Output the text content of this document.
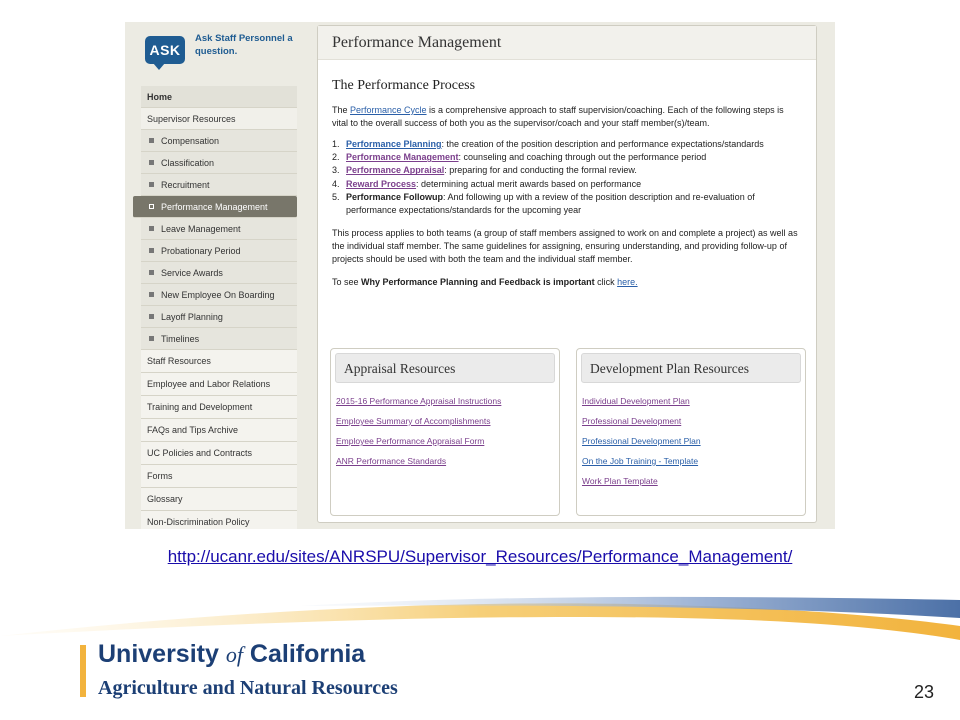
ASK
Ask Staff Personnel a question.
Home
Supervisor Resources
Compensation
Classification
Recruitment
Performance Management
Leave Management
Probationary Period
Service Awards
New Employee On Boarding
Layoff Planning
Timelines
Staff Resources
Employee and Labor Relations
Training and Development
FAQs and Tips Archive
UC Policies and Contracts
Forms
Glossary
Non-Discrimination Policy
Performance Management
The Performance Process

The Performance Cycle is a comprehensive approach to staff supervision/coaching. Each of the following steps is vital to the overall success of both you as the supervisor/coach and your staff member(s)/team.

1. Performance Planning: the creation of the position description and performance expectations/standards
2. Performance Management: counseling and coaching through out the performance period
3. Performance Appraisal: preparing for and conducting the formal review.
4. Reward Process: determining actual merit awards based on performance
5. Performance Followup: And following up with a review of the position description and re-evaluation of performance expectations/standards for the upcoming year

This process applies to both teams (a group of staff members assigned to work on and complete a project) as well as the individual staff member. The same guidelines for assigning, ensuring understanding, and providing follow-up of projects should be used with both the team and the individual staff member.

To see Why Performance Planning and Feedback is important click here.

Appraisal Resources
2015-16 Performance Appraisal Instructions
Employee Summary of Accomplishments
Employee Performance Appraisal Form
ANR Performance Standards
Development Plan Resources
Individual Development Plan
Professional Development
Professional Development Plan
On the Job Training - Template
Work Plan Template
http://ucanr.edu/sites/ANRSPU/Supervisor_Resources/Performance_Management/
University of California
Agriculture and Natural Resources	23
